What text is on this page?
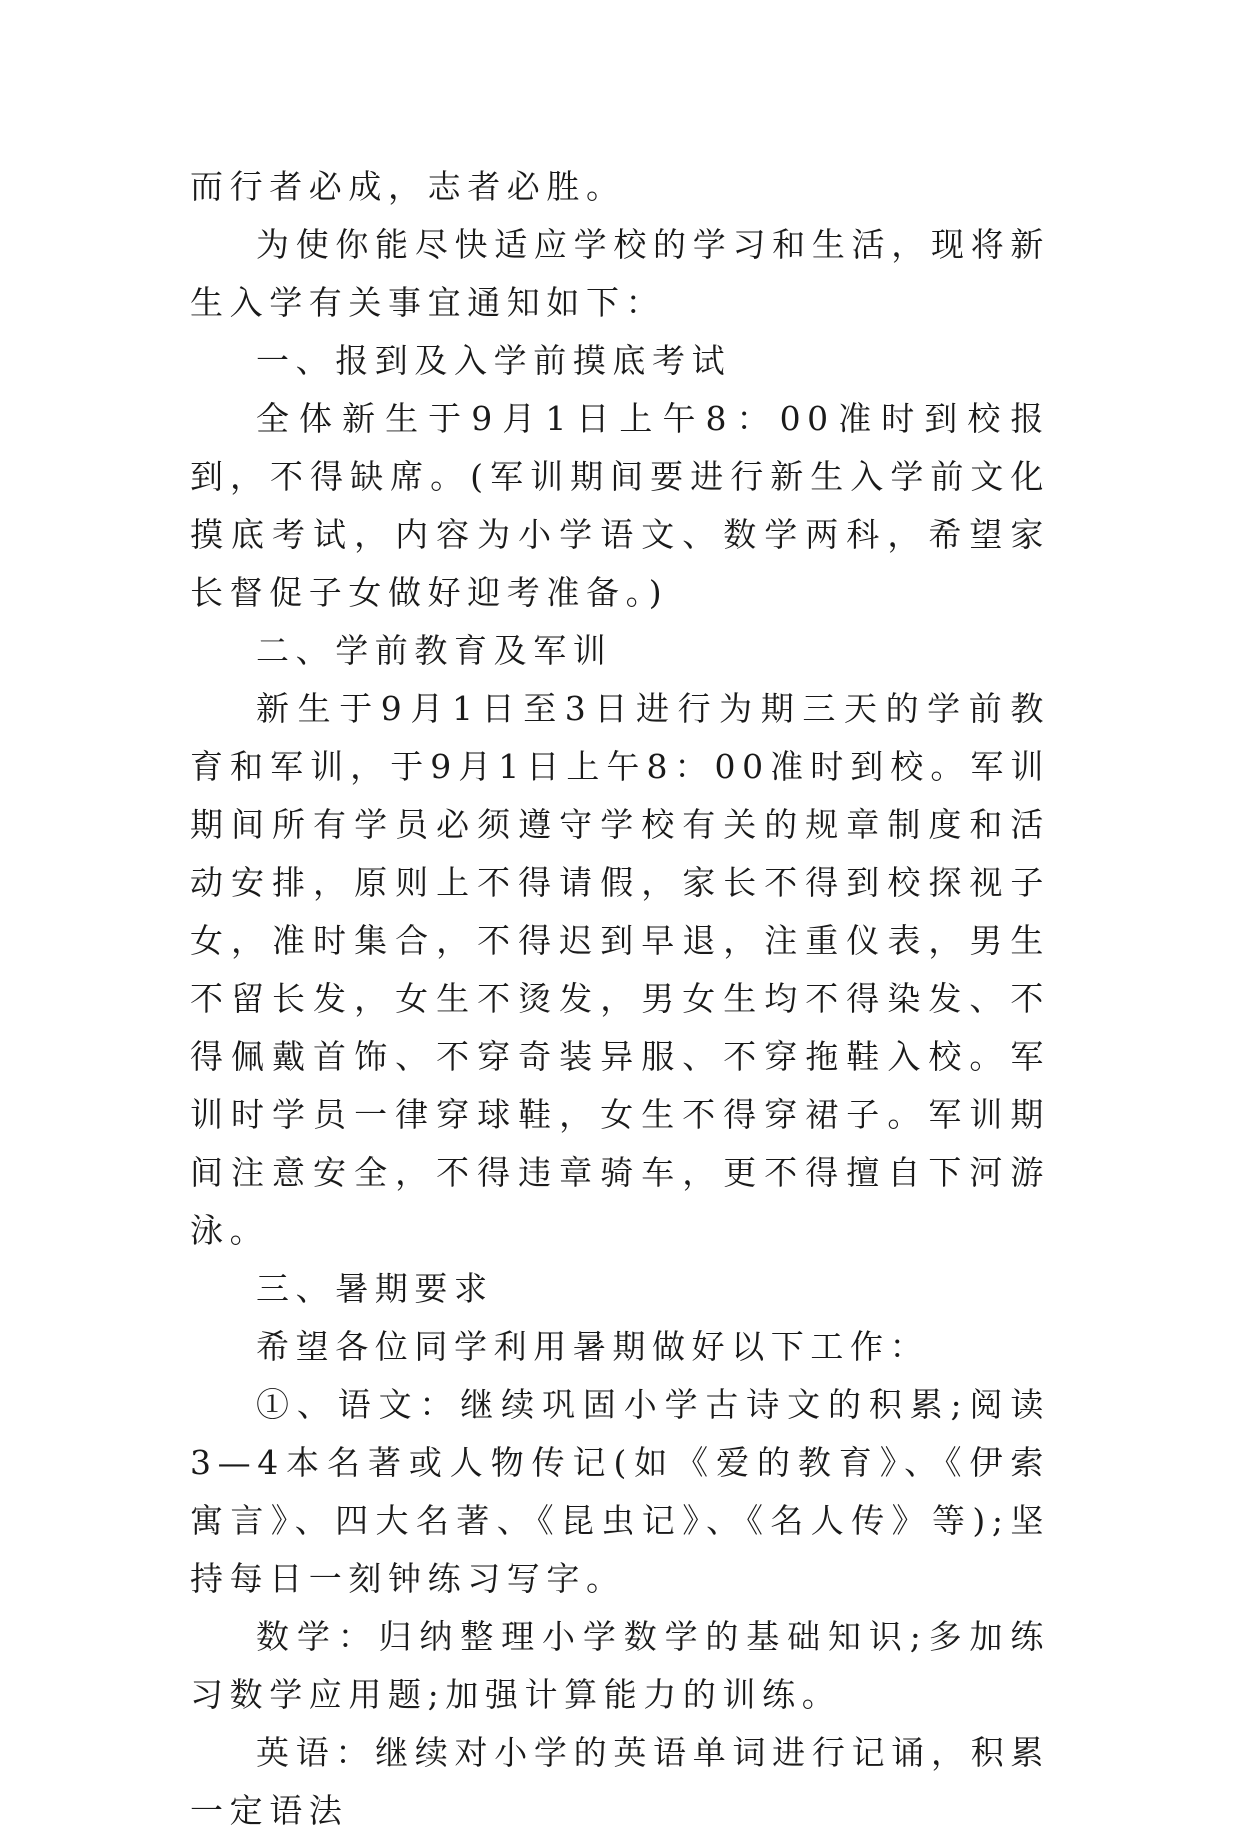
而行者必成，志者必胜。

为使你能尽快适应学校的学习和生活，现将新生入学有关事宜通知如下：

一、报到及入学前摸底考试

全体新生于9月1日上午8：00准时到校报到，不得缺席。(军训期间要进行新生入学前文化摸底考试，内容为小学语文、数学两科，希望家长督促子女做好迎考准备。)

二、学前教育及军训

新生于9月1日至3日进行为期三天的学前教育和军训，于9月1日上午8：00准时到校。军训期间所有学员必须遵守学校有关的规章制度和活动安排，原则上不得请假，家长不得到校探视子女，准时集合，不得迟到早退，注重仪表，男生不留长发，女生不烫发，男女生均不得染发、不得佩戴首饰、不穿奇装异服、不穿拖鞋入校。军训时学员一律穿球鞋，女生不得穿裙子。军训期间注意安全，不得违章骑车，更不得擅自下河游泳。

三、暑期要求

希望各位同学利用暑期做好以下工作：

①、语文：继续巩固小学古诗文的积累;阅读3—4本名著或人物传记(如《爱的教育》、《伊索寓言》、四大名著、《昆虫记》、《名人传》等);坚持每日一刻钟练习写字。

数学：归纳整理小学数学的基础知识;多加练习数学应用题;加强计算能力的训练。

英语：继续对小学的英语单词进行记诵，积累一定语法
